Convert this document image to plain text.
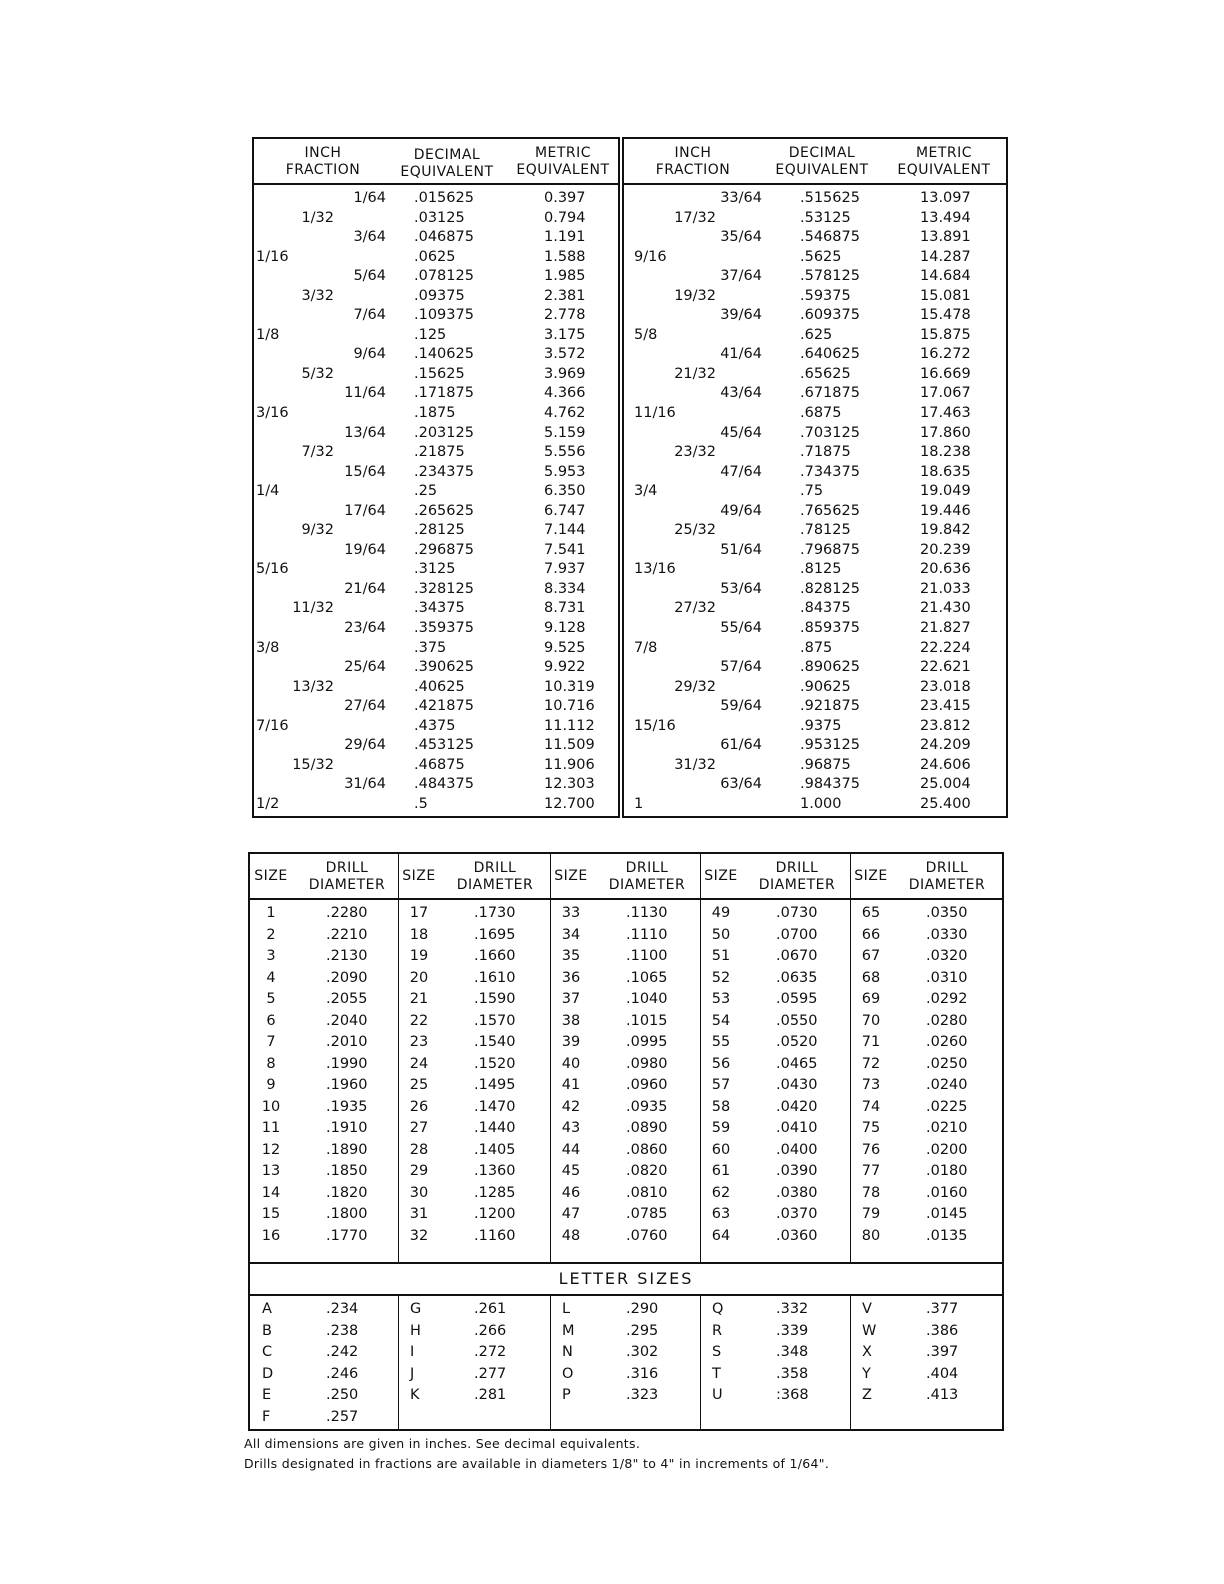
INCH
FRACTION
DECIMAL
EQUIVALENT
METRIC
EQUIVALENT
1/64 .015625	0.397
1/32	.03125	0.794
3/64 .046875	1.191
1/16	.0625	1.588
5/64 .078125	1.985
3/32	.09375	2.381
7/64 .109375	2.778
1/8	.125	3.175
9/64 .140625	3.572
5/32	.15625	3.969
11/64 .171875	4.366
3/16	.1875	4.762
13/64 .203125	5.159
7/32	.21875	5.556
15/64 .234375	5.953
1/4	.25	6.350
17/64 .265625	6.747
9/32	.28125	7.144
19/64 .296875	7.541
5/16	.3125	7.937
21/64 .328125	8.334
11/32	.34375	8.731
23/64 .359375	9.128
3/8	.375	9.525
25/64 .390625	9.922
13/32	.40625	10.319
27/64 .421875	10.716
7/16	.4375	11.112
29/64 .453125	11.509
15/32	.46875	11.906
31/64 .484375	12.303
1/2	.5	12.700
INCH
FRACTION
DECIMAL
EQUIVALENT
METRIC
EQUIVALENT
33/64	.515625	13.097
17/32	.53125	13.494
35/64	.546875	13.891
9/16	.5625	14.287
37/64	.578125	14.684
19/32	.59375	15.081
39/64	.609375	15.478
5/8	.625	15.875
41/64	.640625	16.272
21/32	.65625	16.669
43/64	.671875	17.067
11/16	.6875	17.463
45/64	.703125	17.860
23/32	.71875	18.238
47/64	.734375	18.635
3/4	.75	19.049
49/64	.765625	19.446
25/32	.78125	19.842
51/64	.796875	20.239
13/16	.8125	20.636
53/64	.828125	21.033
27/32	.84375	21.430
55/64	.859375	21.827
7/8	.875	22.224
57/64	.890625	22.621
29/32	.90625	23.018
59/64	.921875	23.415
15/16	.9375	23.812
61/64	.953125	24.209
31/32	.96875	24.606
63/64	.984375	25.004
1	1.000	25.400
SIZE	DRILL
DIAMETER
SIZE	DRILL
DIAMETER
SIZE	DRILL
DIAMETER
SIZE	DRILL
DIAMETER
SIZE	DRILL
DIAMETER
1	.2280
2	.2210
3	.2130
4	.2090
5	.2055
6	.2040
7	.2010
8	.1990
9	.1960
10	.1935
11	.1910
12	.1890
13	.1850
14	.1820
15	.1800
16	.1770
17	.1730
18	.1695
19	.1660
20	.1610
21	.1590
22	.1570
23	.1540
24	.1520
25	.1495
26	.1470
27	.1440
28	.1405
29	.1360
30	.1285
31	.1200
32	.1160
33	.1130
34	.1110
35	.1100
36	.1065
37	.1040
38	.1015
39	.0995
40	.0980
41	.0960
42	.0935
43	.0890
44	.0860
45	.0820
46	.0810
47	.0785
48	.0760
49	.0730
50	.0700
51	.0670
52	.0635
53	.0595
54	.0550
55	.0520
56	.0465
57	.0430
58	.0420
59	.0410
60	.0400
61	.0390
62	.0380
63	.0370
64	.0360
65	.0350
66	.0330
67	.0320
68	.0310
69	.0292
70	.0280
71	.0260
72	.0250
73	.0240
74	.0225
75	.0210
76	.0200
77	.0180
78	.0160
79	.0145
80	.0135
LETTER SIZES
A	.234
B	.238
C	.242
D	.246
E	.250
F	.257
G	.261
H	.266
I	.272
J	.277
K	.281
L	.290
M	.295
N	.302
O	.316
P	.323
Q	.332
R	.339
S	.348
T	.358
U	:368
V	.377
W	.386
X	.397
Y	.404
Z	.413
All dimensions are given in inches. See decimal equivalents.
Drills designated in fractions are available in diameters 1/8" to 4" in increments of 1/64".
